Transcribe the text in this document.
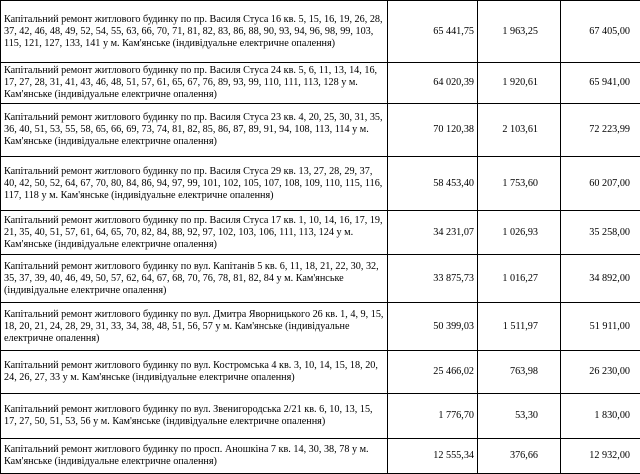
Капітальний ремонт житлового будинку по пр. Василя Стуса 16 кв. 5, 15, 16, 19, 26, 28, 37, 42, 46, 48, 49, 52, 54, 55, 63, 66, 70, 71, 81, 82, 83, 86, 88, 90, 93, 94, 96, 98, 99, 103, 115, 121, 127, 133, 141 у м. Кам'янське (індивідуальне електричне опалення)	65 441,75	1 963,25	67 405,00
Капітальний ремонт житлового будинку по пр. Василя Стуса 24 кв. 5, 6, 11, 13, 14, 16, 17, 27, 28, 31, 41, 43, 46, 48, 51, 57, 61, 65, 67, 76, 89, 93, 99, 110, 111, 113, 128 у м. Кам'янське (індивідуальне електричне опалення)	64 020,39	1 920,61	65 941,00
Капітальний ремонт житлового будинку по пр. Василя Стуса 23 кв. 4, 20, 25, 30, 31, 35, 36, 40, 51, 53, 55, 58, 65, 66, 69, 73, 74, 81, 82, 85, 86, 87, 89, 91, 94, 108, 113, 114 у м. Кам'янське (індивідуальне електричне опалення)	70 120,38	2 103,61	72 223,99
Капітальний ремонт житлового будинку по пр. Василя Стуса 29 кв. 13, 27, 28, 29, 37, 40, 42, 50, 52, 64, 67, 70, 80, 84, 86, 94, 97, 99, 101, 102, 105, 107, 108, 109, 110, 115, 116, 117, 118 у м. Кам'янське (індивідуальне електричне опалення)	58 453,40	1 753,60	60 207,00
Капітальний ремонт житлового будинку по пр. Василя Стуса 17 кв. 1, 10, 14, 16, 17, 19, 21, 35, 40, 51, 57, 61, 64, 65, 70, 82, 84, 88, 92, 97, 102, 103, 106, 111, 113, 124 у м. Кам'янське (індивідуальне електричне опалення)	34 231,07	1 026,93	35 258,00
Капітальний ремонт житлового будинку по вул. Капітанів 5 кв. 6, 11, 18, 21, 22, 30, 32, 35, 37, 39, 40, 46, 49, 50, 57, 62, 64, 67, 68, 70, 76, 78, 81, 82, 84 у м. Кам'янське (індивідуальне електричне опалення)	33 875,73	1 016,27	34 892,00
Капітальний ремонт житлового будинку по вул. Дмитра Яворницького 26 кв. 1, 4, 9, 15, 18, 20, 21, 24, 28, 29, 31, 33, 34, 38, 48, 51, 56, 57 у м. Кам'янське (індивідуальне електричне опалення)	50 399,03	1 511,97	51 911,00
Капітальний ремонт житлового будинку по вул. Костромська 4 кв. 3, 10, 14, 15, 18, 20, 24, 26, 27, 33 у м. Кам'янське (індивідуальне електричне опалення)	25 466,02	763,98	26 230,00
Капітальний ремонт житлового будинку по вул. Звенигородська 2/21 кв. 6, 10, 13, 15, 17, 27, 50, 51, 53, 56 у м. Кам'янське (індивідуальне електричне опалення)	1 776,70	53,30	1 830,00
Капітальний ремонт житлового будинку по просп. Аношкіна 7 кв. 14, 30, 38, 78 у м. Кам'янське (індивідуальне електричне опалення)	12 555,34	376,66	12 932,00
